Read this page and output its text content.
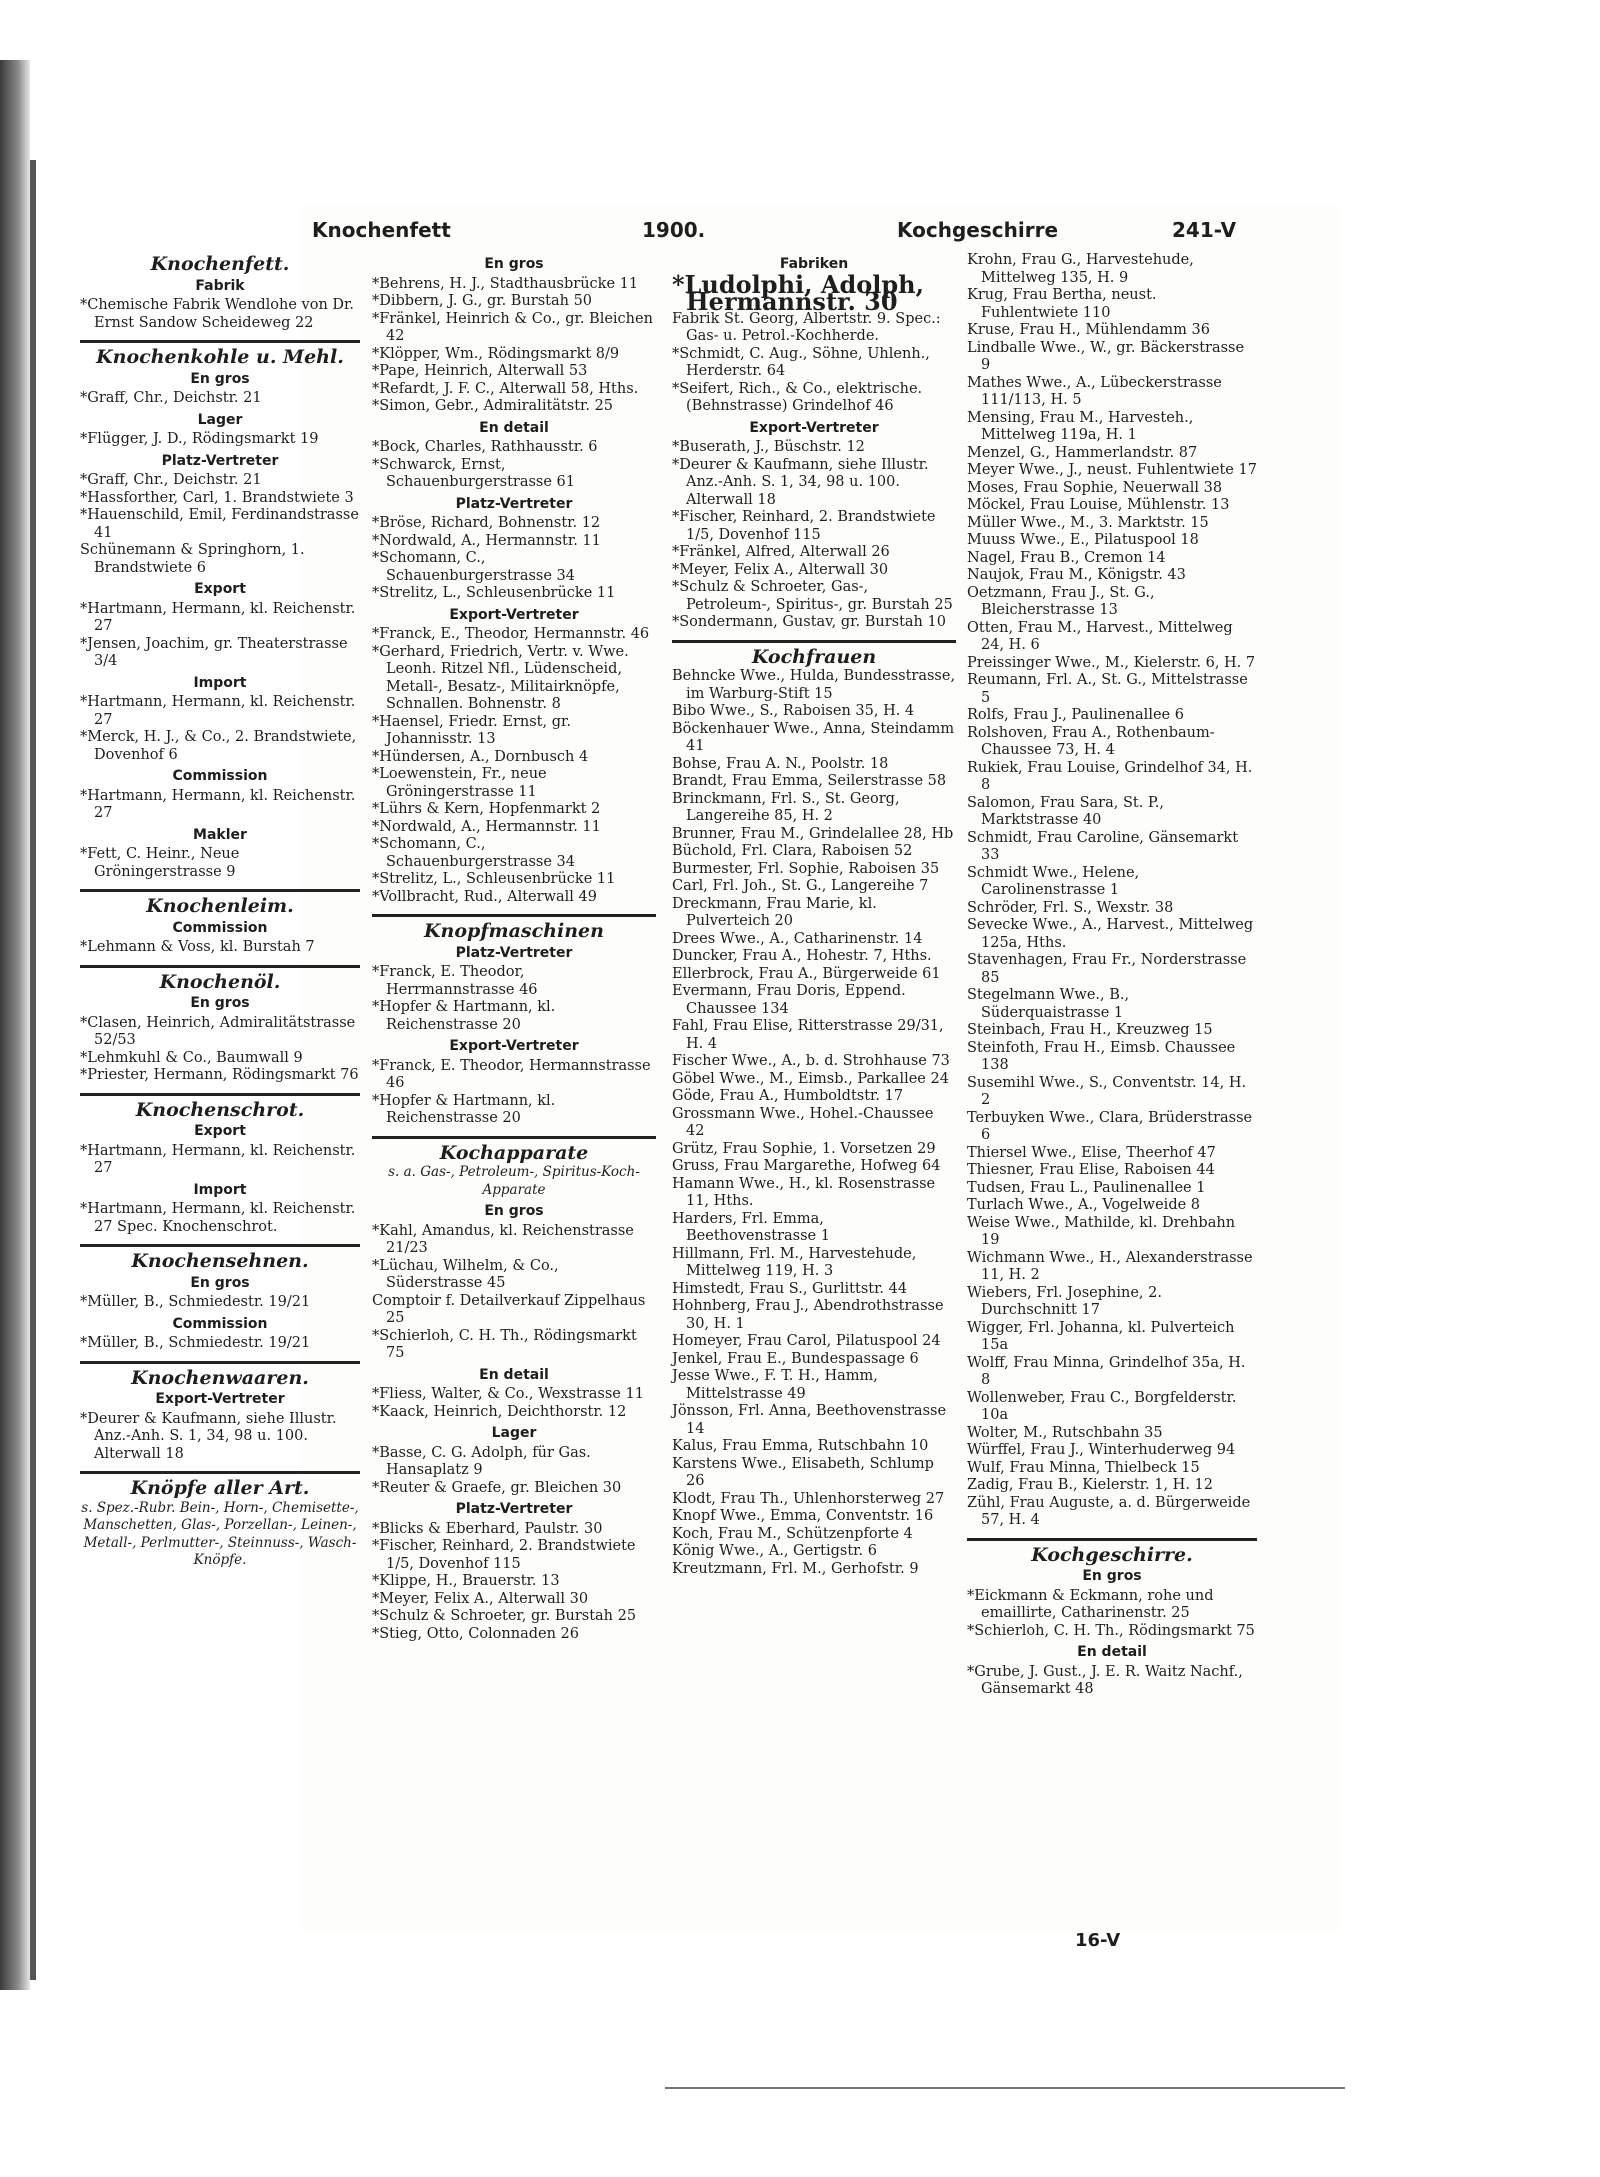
Knochenfett	1900.	Kochgeschirre	241-V
Knochenfett.
Fabrik
*Chemische Fabrik Wendlohe von Dr. Ernst Sandow Scheideweg 22
Knochenkohle u. Mehl.
En gros
*Graff, Chr., Deichstr. 21
Lager
*Flügger, J. D., Rödingsmarkt 19
Platz-Vertreter
*Graff, Chr., Deichstr. 21
*Hassforther, Carl, 1. Brandstwiete 3
*Hauenschild, Emil, Ferdinandstrasse 41
Schünemann & Springhorn, 1. Brandstwiete 6
Export
*Hartmann, Hermann, kl. Reichenstr. 27
*Jensen, Joachim, gr. Theaterstrasse 3/4
Import
*Hartmann, Hermann, kl. Reichenstr. 27
*Merck, H. J., & Co., 2. Brandstwiete, Dovenhof 6
Commission
*Hartmann, Hermann, kl. Reichenstr. 27
Makler
*Fett, C. Heinr., Neue Gröningerstrasse 9
Knochenleim.
Commission
*Lehmann & Voss, kl. Burstah 7
Knochenöl.
En gros
*Clasen, Heinrich, Admiralitätstrasse 52/53
*Lehmkuhl & Co., Baumwall 9
*Priester, Hermann, Rödingsmarkt 76
Knochenschrot.
Export
*Hartmann, Hermann, kl. Reichenstr. 27
Import
*Hartmann, Hermann, kl. Reichenstr. 27 Spec. Knochenschrot.
Knochensehnen.
En gros
*Müller, B., Schmiedestr. 19/21
Commission
*Müller, B., Schmiedestr. 19/21
Knochenwaaren.
Export-Vertreter
*Deurer & Kaufmann, siehe Illustr. Anz.-Anh. S. 1, 34, 98 u. 100. Alterwall 18
Knöpfe aller Art.
s. Spez.-Rubr. Bein-, Horn-, Chemisette-, Manschetten, Glas-, Porzellan-, Leinen-, Metall-, Perlmutter-, Steinnuss-, Wasch-Knöpfe.
En gros
*Behrens, H. J., Stadthausbrücke 11
*Dibbern, J. G., gr. Burstah 50
*Fränkel, Heinrich & Co., gr. Bleichen 42
*Klöpper, Wm., Rödingsmarkt 8/9
*Pape, Heinrich, Alterwall 53
*Refardt, J. F. C., Alterwall 58, Hths.
*Simon, Gebr., Admiralitätstr. 25
En detail
*Bock, Charles, Rathhausstr. 6
*Schwarck, Ernst, Schauenburgerstrasse 61
Platz-Vertreter
*Bröse, Richard, Bohnenstr. 12
*Nordwald, A., Hermannstr. 11
*Schomann, C., Schauenburgerstrasse 34
*Strelitz, L., Schleusenbrücke 11
Export-Vertreter
*Franck, E., Theodor, Hermannstr. 46
*Gerhard, Friedrich, Vertr. v. Wwe. Leonh. Ritzel Nfl., Lüdenscheid, Metall-, Besatz-, Militairknöpfe, Schnallen. Bohnenstr. 8
*Haensel, Friedr. Ernst, gr. Johannisstr. 13
*Hündersen, A., Dornbusch 4
*Loewenstein, Fr., neue Gröningerstrasse 11
*Lührs & Kern, Hopfenmarkt 2
*Nordwald, A., Hermannstr. 11
*Schomann, C., Schauenburgerstrasse 34
*Strelitz, L., Schleusenbrücke 11
*Vollbracht, Rud., Alterwall 49
Knopfmaschinen
Platz-Vertreter
*Franck, E. Theodor, Herrmannstrasse 46
*Hopfer & Hartmann, kl. Reichenstrasse 20
Export-Vertreter
*Franck, E. Theodor, Hermannstrasse 46
*Hopfer & Hartmann, kl. Reichenstrasse 20
Kochapparate
s. a. Gas-, Petroleum-, Spiritus-Koch-Apparate
En gros
*Kahl, Amandus, kl. Reichenstrasse 21/23
*Lüchau, Wilhelm, & Co., Süderstrasse 45
Comptoir f. Detailverkauf Zippelhaus 25
*Schierloh, C. H. Th., Rödingsmarkt 75
En detail
*Fliess, Walter, & Co., Wexstrasse 11
*Kaack, Heinrich, Deichthorstr. 12
Lager
*Basse, C. G. Adolph, für Gas. Hansaplatz 9
*Reuter & Graefe, gr. Bleichen 30
Platz-Vertreter
*Blicks & Eberhard, Paulstr. 30
*Fischer, Reinhard, 2. Brandstwiete 1/5, Dovenhof 115
*Klippe, H., Brauerstr. 13
*Meyer, Felix A., Alterwall 30
*Schulz & Schroeter, gr. Burstah 25
*Stieg, Otto, Colonnaden 26
Fabriken
*Ludolphi, Adolph, Hermannstr. 30
Fabrik St. Georg, Albertstr. 9. Spec.: Gas- u. Petrol.-Kochherde.
*Schmidt, C. Aug., Söhne, Uhlenh., Herderstr. 64
*Seifert, Rich., & Co., elektrische. (Behnstrasse) Grindelhof 46
Export-Vertreter
*Buserath, J., Büschstr. 12
*Deurer & Kaufmann, siehe Illustr. Anz.-Anh. S. 1, 34, 98 u. 100. Alterwall 18
*Fischer, Reinhard, 2. Brandstwiete 1/5, Dovenhof 115
*Fränkel, Alfred, Alterwall 26
*Meyer, Felix A., Alterwall 30
*Schulz & Schroeter, Gas-, Petroleum-, Spiritus-, gr. Burstah 25
*Sondermann, Gustav, gr. Burstah 10
Kochfrauen
Behncke Wwe., Hulda, Bundesstrasse, im Warburg-Stift 15
Bibo Wwe., S., Raboisen 35, H. 4
Böckenhauer Wwe., Anna, Steindamm 41
Bohse, Frau A. N., Poolstr. 18
Brandt, Frau Emma, Seilerstrasse 58
Brinckmann, Frl. S., St. Georg, Langereihe 85, H. 2
Brunner, Frau M., Grindelallee 28, Hb
Büchold, Frl. Clara, Raboisen 52
Burmester, Frl. Sophie, Raboisen 35
Carl, Frl. Joh., St. G., Langereihe 7
Dreckmann, Frau Marie, kl. Pulverteich 20
Drees Wwe., A., Catharinenstr. 14
Duncker, Frau A., Hohestr. 7, Hths.
Ellerbrock, Frau A., Bürgerweide 61
Evermann, Frau Doris, Eppend. Chaussee 134
Fahl, Frau Elise, Ritterstrasse 29/31, H. 4
Fischer Wwe., A., b. d. Strohhause 73
Göbel Wwe., M., Eimsb., Parkallee 24
Göde, Frau A., Humboldtstr. 17
Grossmann Wwe., Hohel.-Chaussee 42
Grütz, Frau Sophie, 1. Vorsetzen 29
Gruss, Frau Margarethe, Hofweg 64
Hamann Wwe., H., kl. Rosenstrasse 11, Hths.
Harders, Frl. Emma, Beethovenstrasse 1
Hillmann, Frl. M., Harvestehude, Mittelweg 119, H. 3
Himstedt, Frau S., Gurlittstr. 44
Hohnberg, Frau J., Abendrothstrasse 30, H. 1
Homeyer, Frau Carol, Pilatuspool 24
Jenkel, Frau E., Bundespassage 6
Jesse Wwe., F. T. H., Hamm, Mittelstrasse 49
Jönsson, Frl. Anna, Beethovenstrasse 14
Kalus, Frau Emma, Rutschbahn 10
Karstens Wwe., Elisabeth, Schlump 26
Klodt, Frau Th., Uhlenhorsterweg 27
Knopf Wwe., Emma, Conventstr. 16
Koch, Frau M., Schützenpforte 4
König Wwe., A., Gertigstr. 6
Kreutzmann, Frl. M., Gerhofstr. 9
Krohn, Frau G., Harvestehude, Mittelweg 135, H. 9
Krug, Frau Bertha, neust. Fuhlentwiete 110
Kruse, Frau H., Mühlendamm 36
Lindballe Wwe., W., gr. Bäckerstrasse 9
Mathes Wwe., A., Lübeckerstrasse 111/113, H. 5
Mensing, Frau M., Harvesteh., Mittelweg 119a, H. 1
Menzel, G., Hammerlandstr. 87
Meyer Wwe., J., neust. Fuhlentwiete 17
Moses, Frau Sophie, Neuerwall 38
Möckel, Frau Louise, Mühlenstr. 13
Müller Wwe., M., 3. Marktstr. 15
Muuss Wwe., E., Pilatuspool 18
Nagel, Frau B., Cremon 14
Naujok, Frau M., Königstr. 43
Oetzmann, Frau J., St. G., Bleicherstrasse 13
Otten, Frau M., Harvest., Mittelweg 24, H. 6
Preissinger Wwe., M., Kielerstr. 6, H. 7
Reumann, Frl. A., St. G., Mittelstrasse 5
Rolfs, Frau J., Paulinenallee 6
Rolshoven, Frau A., Rothenbaum-Chaussee 73, H. 4
Rukiek, Frau Louise, Grindelhof 34, H. 8
Salomon, Frau Sara, St. P., Marktstrasse 40
Schmidt, Frau Caroline, Gänsemarkt 33
Schmidt Wwe., Helene, Carolinenstrasse 1
Schröder, Frl. S., Wexstr. 38
Sevecke Wwe., A., Harvest., Mittelweg 125a, Hths.
Stavenhagen, Frau Fr., Norderstrasse 85
Stegelmann Wwe., B., Süderquaistrasse 1
Steinbach, Frau H., Kreuzweg 15
Steinfoth, Frau H., Eimsb. Chaussee 138
Susemihl Wwe., S., Conventstr. 14, H. 2
Terbuyken Wwe., Clara, Brüderstrasse 6
Thiersel Wwe., Elise, Theerhof 47
Thiesner, Frau Elise, Raboisen 44
Tudsen, Frau L., Paulinenallee 1
Turlach Wwe., A., Vogelweide 8
Weise Wwe., Mathilde, kl. Drehbahn 19
Wichmann Wwe., H., Alexanderstrasse 11, H. 2
Wiebers, Frl. Josephine, 2. Durchschnitt 17
Wigger, Frl. Johanna, kl. Pulverteich 15a
Wolff, Frau Minna, Grindelhof 35a, H. 8
Wollenweber, Frau C., Borgfelderstr. 10a
Wolter, M., Rutschbahn 35
Würffel, Frau J., Winterhuderweg 94
Wulf, Frau Minna, Thielbeck 15
Zadig, Frau B., Kielerstr. 1, H. 12
Zühl, Frau Auguste, a. d. Bürgerweide 57, H. 4
Kochgeschirre.
En gros
*Eickmann & Eckmann, rohe und emaillirte, Catharinenstr. 25
*Schierloh, C. H. Th., Rödingsmarkt 75
En detail
*Grube, J. Gust., J. E. R. Waitz Nachf., Gänsemarkt 48
16-V
